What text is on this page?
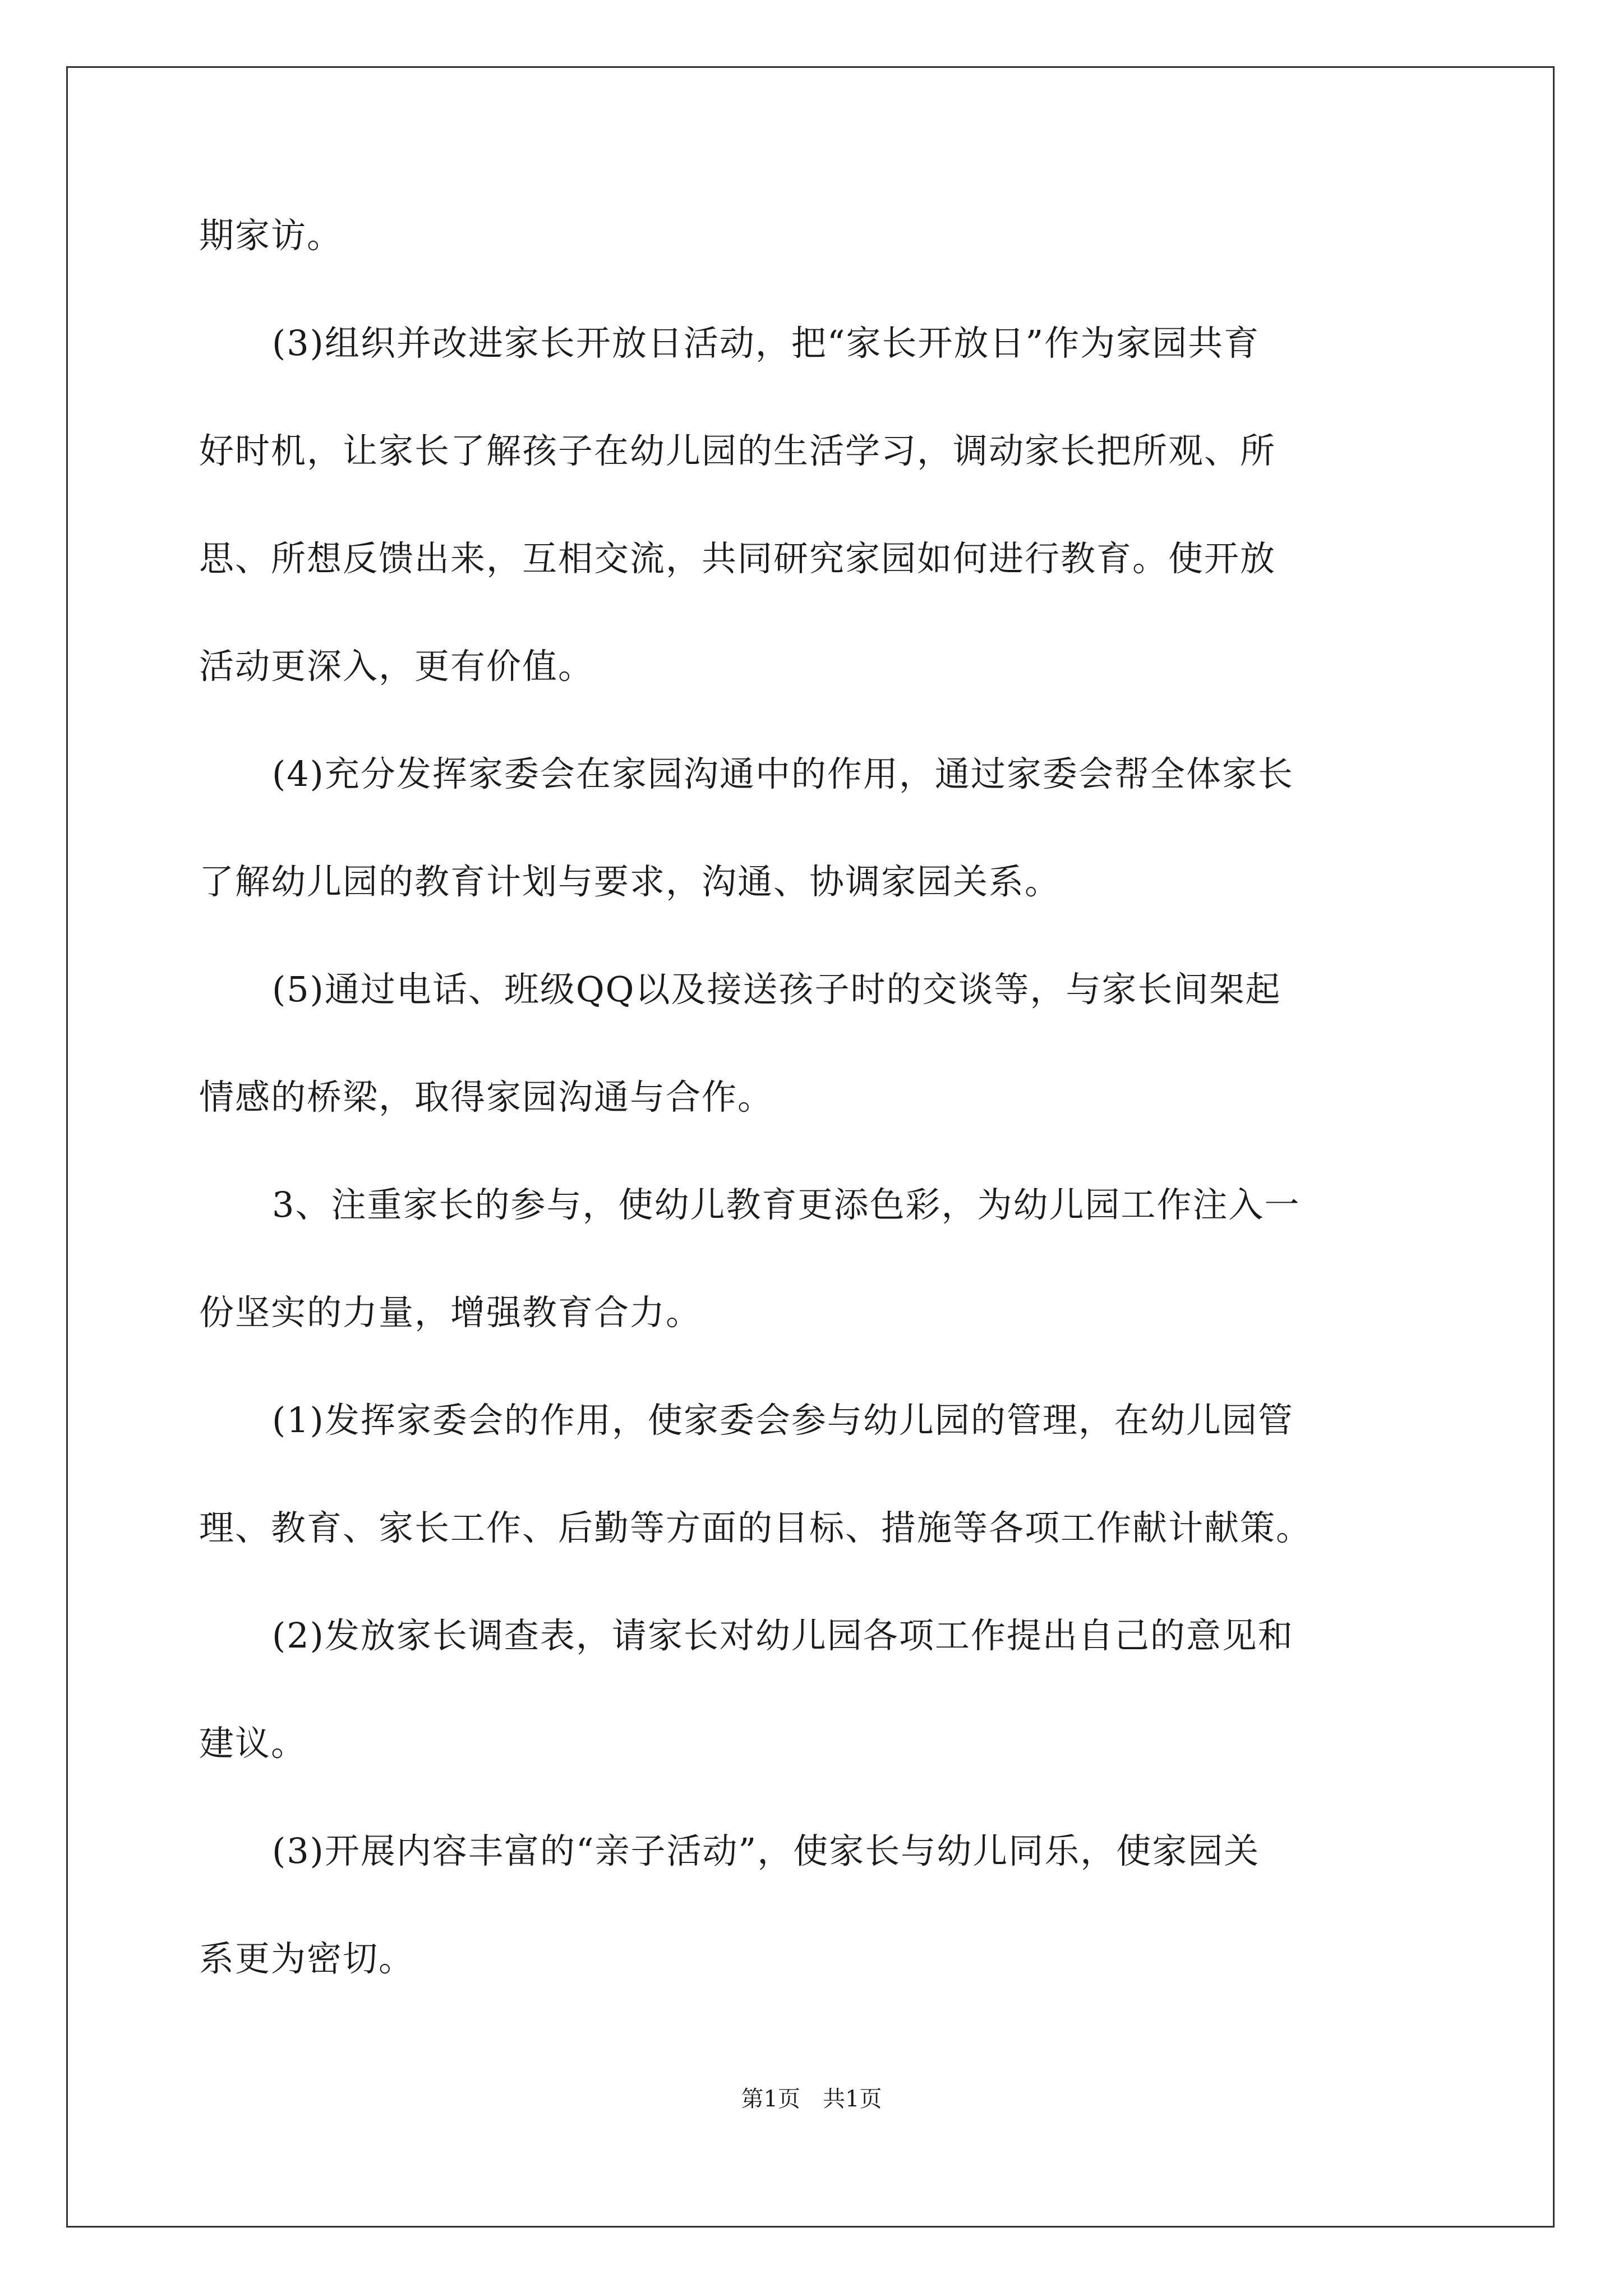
期家访。
(3)组织并改进家长开放日活动，把“家长开放日”作为家园共育
好时机，让家长了解孩子在幼儿园的生活学习，调动家长把所观、所
思、所想反馈出来，互相交流，共同研究家园如何进行教育。使开放
活动更深入，更有价值。
(4)充分发挥家委会在家园沟通中的作用，通过家委会帮全体家长
了解幼儿园的教育计划与要求，沟通、协调家园关系。
(5)通过电话、班级QQ以及接送孩子时的交谈等，与家长间架起
情感的桥梁，取得家园沟通与合作。
3、注重家长的参与，使幼儿教育更添色彩，为幼儿园工作注入一
份坚实的力量，增强教育合力。
(1)发挥家委会的作用，使家委会参与幼儿园的管理，在幼儿园管
理、教育、家长工作、后勤等方面的目标、措施等各项工作献计献策。
(2)发放家长调查表，请家长对幼儿园各项工作提出自己的意见和
建议。
(3)开展内容丰富的“亲子活动”，使家长与幼儿同乐，使家园关
系更为密切。
第1页　共1页
